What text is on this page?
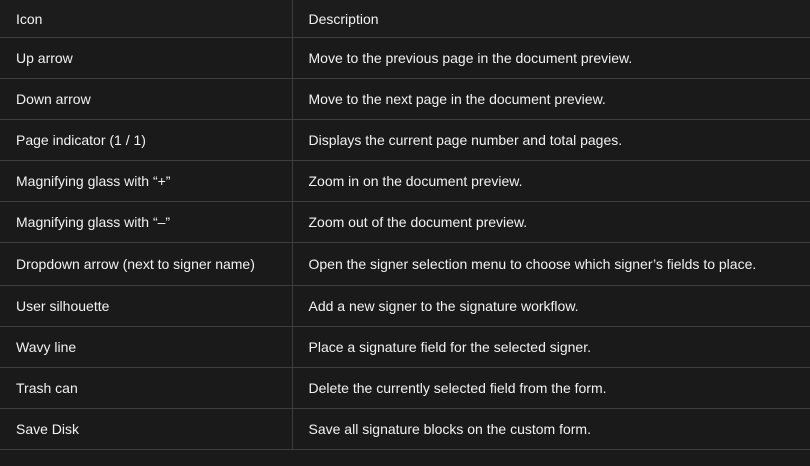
Icon	Description
Up arrow	Move to the previous page in the document preview.
Down arrow	Move to the next page in the document preview.
Page indicator (1 / 1)	Displays the current page number and total pages.
Magnifying glass with “+”	Zoom in on the document preview.
Magnifying glass with “–”	Zoom out of the document preview.
Dropdown arrow (next to signer name)	Open the signer selection menu to choose which signer’s fields to place.
User silhouette	Add a new signer to the signature workflow.
Wavy line	Place a signature field for the selected signer.
Trash can	Delete the currently selected field from the form.
Save Disk	Save all signature blocks on the custom form.
